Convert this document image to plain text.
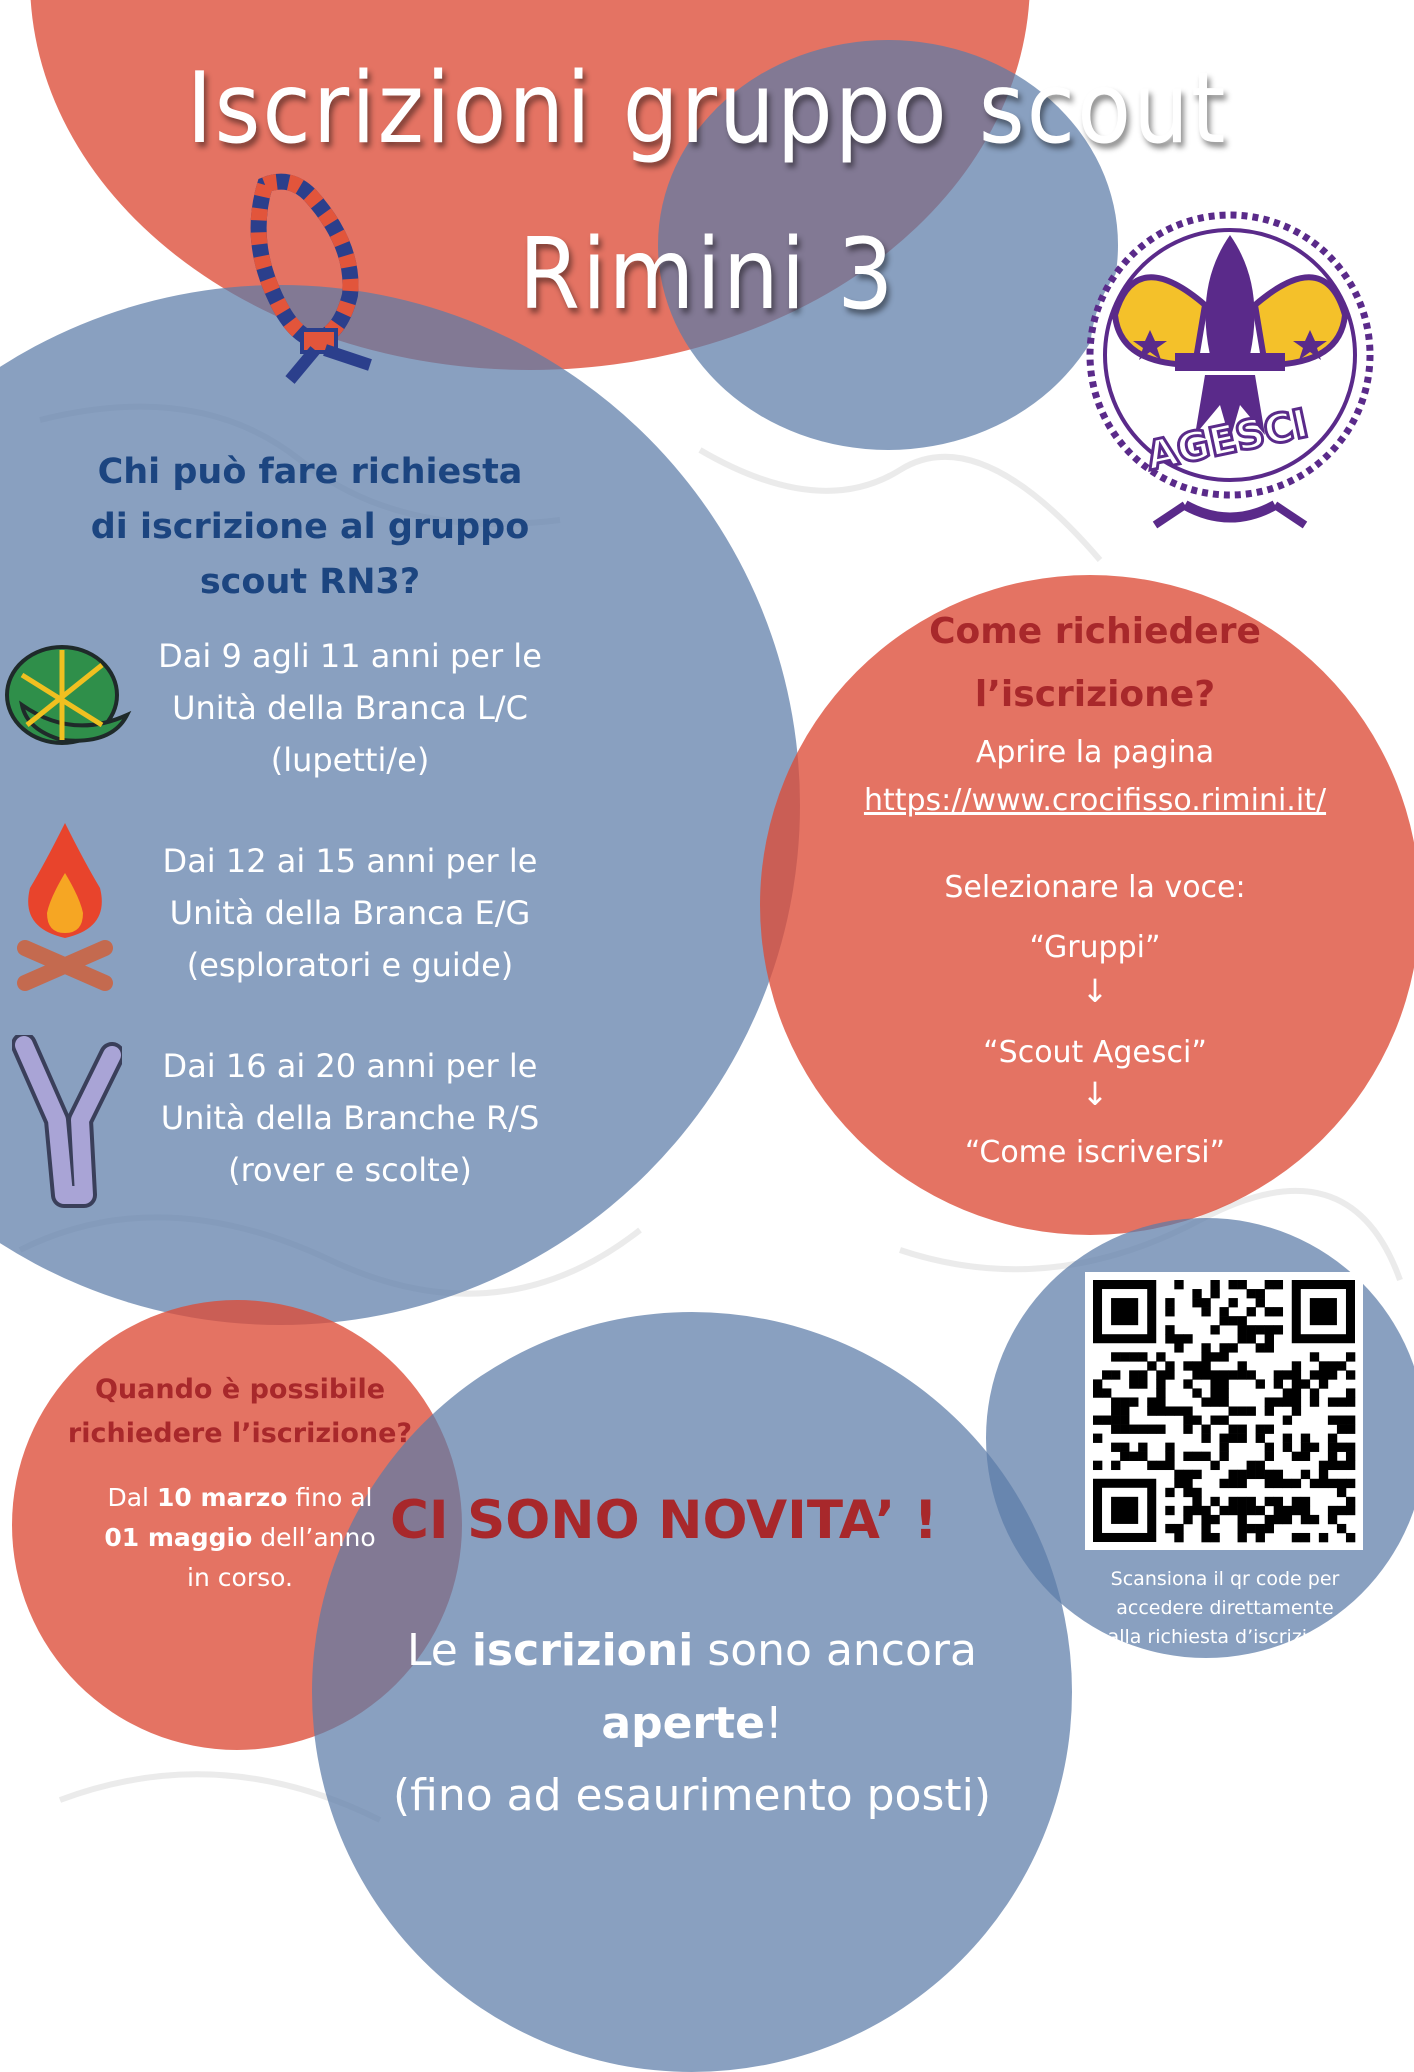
Iscrizioni gruppo scout
Rimini 3
AGESCI
Chi può fare richiesta
di iscrizione al gruppo
scout RN3?
Dai 9 agli 11 anni per le
Unità della Branca L/C
(lupetti/e)
Dai 12 ai 15 anni per le
Unità della Branca E/G
(esploratori e guide)
Dai 16 ai 20 anni per le
Unità della Branche R/S
(rover e scolte)
Come richiedere
l’iscrizione?
Aprire la pagina
https://www.crocifisso.rimini.it/
Selezionare la voce:
“Gruppi”
↓
“Scout Agesci”
↓
“Come iscriversi”
Scansiona il qr code per
accedere direttamente
alla richiesta d’iscrizione
Quando è possibile
richiedere l’iscrizione?
Dal 10 marzo fino al
01 maggio dell’anno
in corso.
CI SONO NOVITA’ !
Le iscrizioni sono ancora
aperte!
(fino ad esaurimento posti)
